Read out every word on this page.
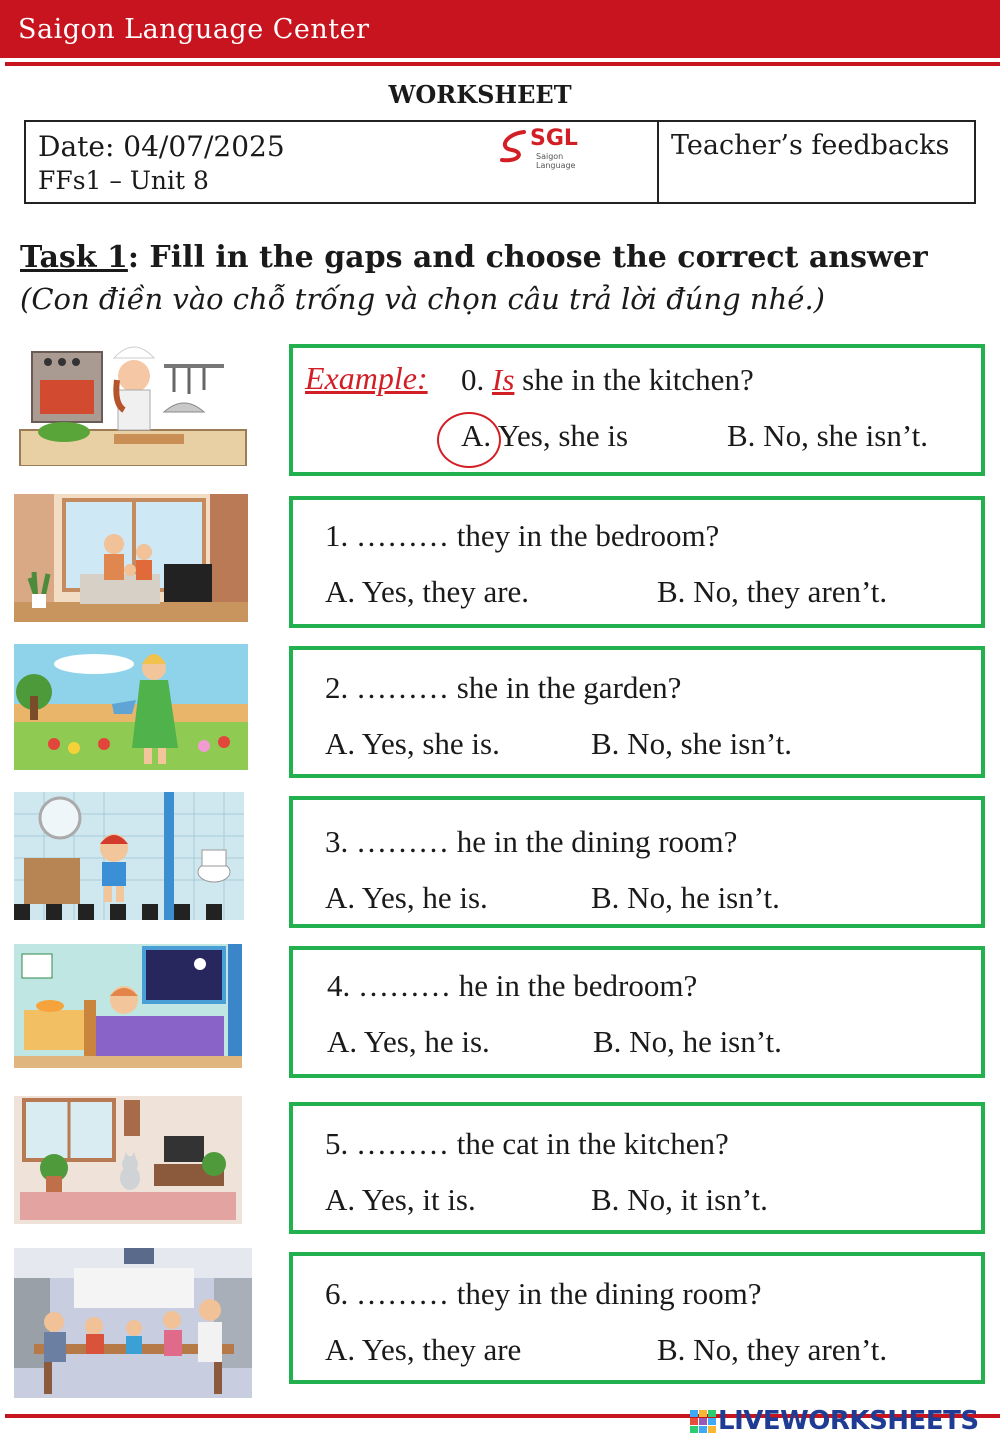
Saigon Language Center
WORKSHEET
Date: 04/07/2025
FFs1 – Unit 8
SGL
Saigon Language
Teacher’s feedbacks
Task 1: Fill in the gaps and choose the correct answer
(Con điền vào chỗ trống và chọn câu trả lời đúng nhé.)
Example: 0. Is she in the kitchen?
A. Yes, she is	B. No, she isn’t.
1. ……… they in the bedroom?
A. Yes, they are.	B. No, they aren’t.
2. ……… she in the garden?
A. Yes, she is.	B. No, she isn’t.
3. ……… he in the dining room?
A. Yes, he is.	B. No, he isn’t.
4. ……… he in the bedroom?
A. Yes, he is.	B. No, he isn’t.
5. ……… the cat in the kitchen?
A. Yes, it is.	B. No, it isn’t.
6. ……… they in the dining room?
A. Yes, they are	B. No, they aren’t.
LIVEWORKSHEETS
